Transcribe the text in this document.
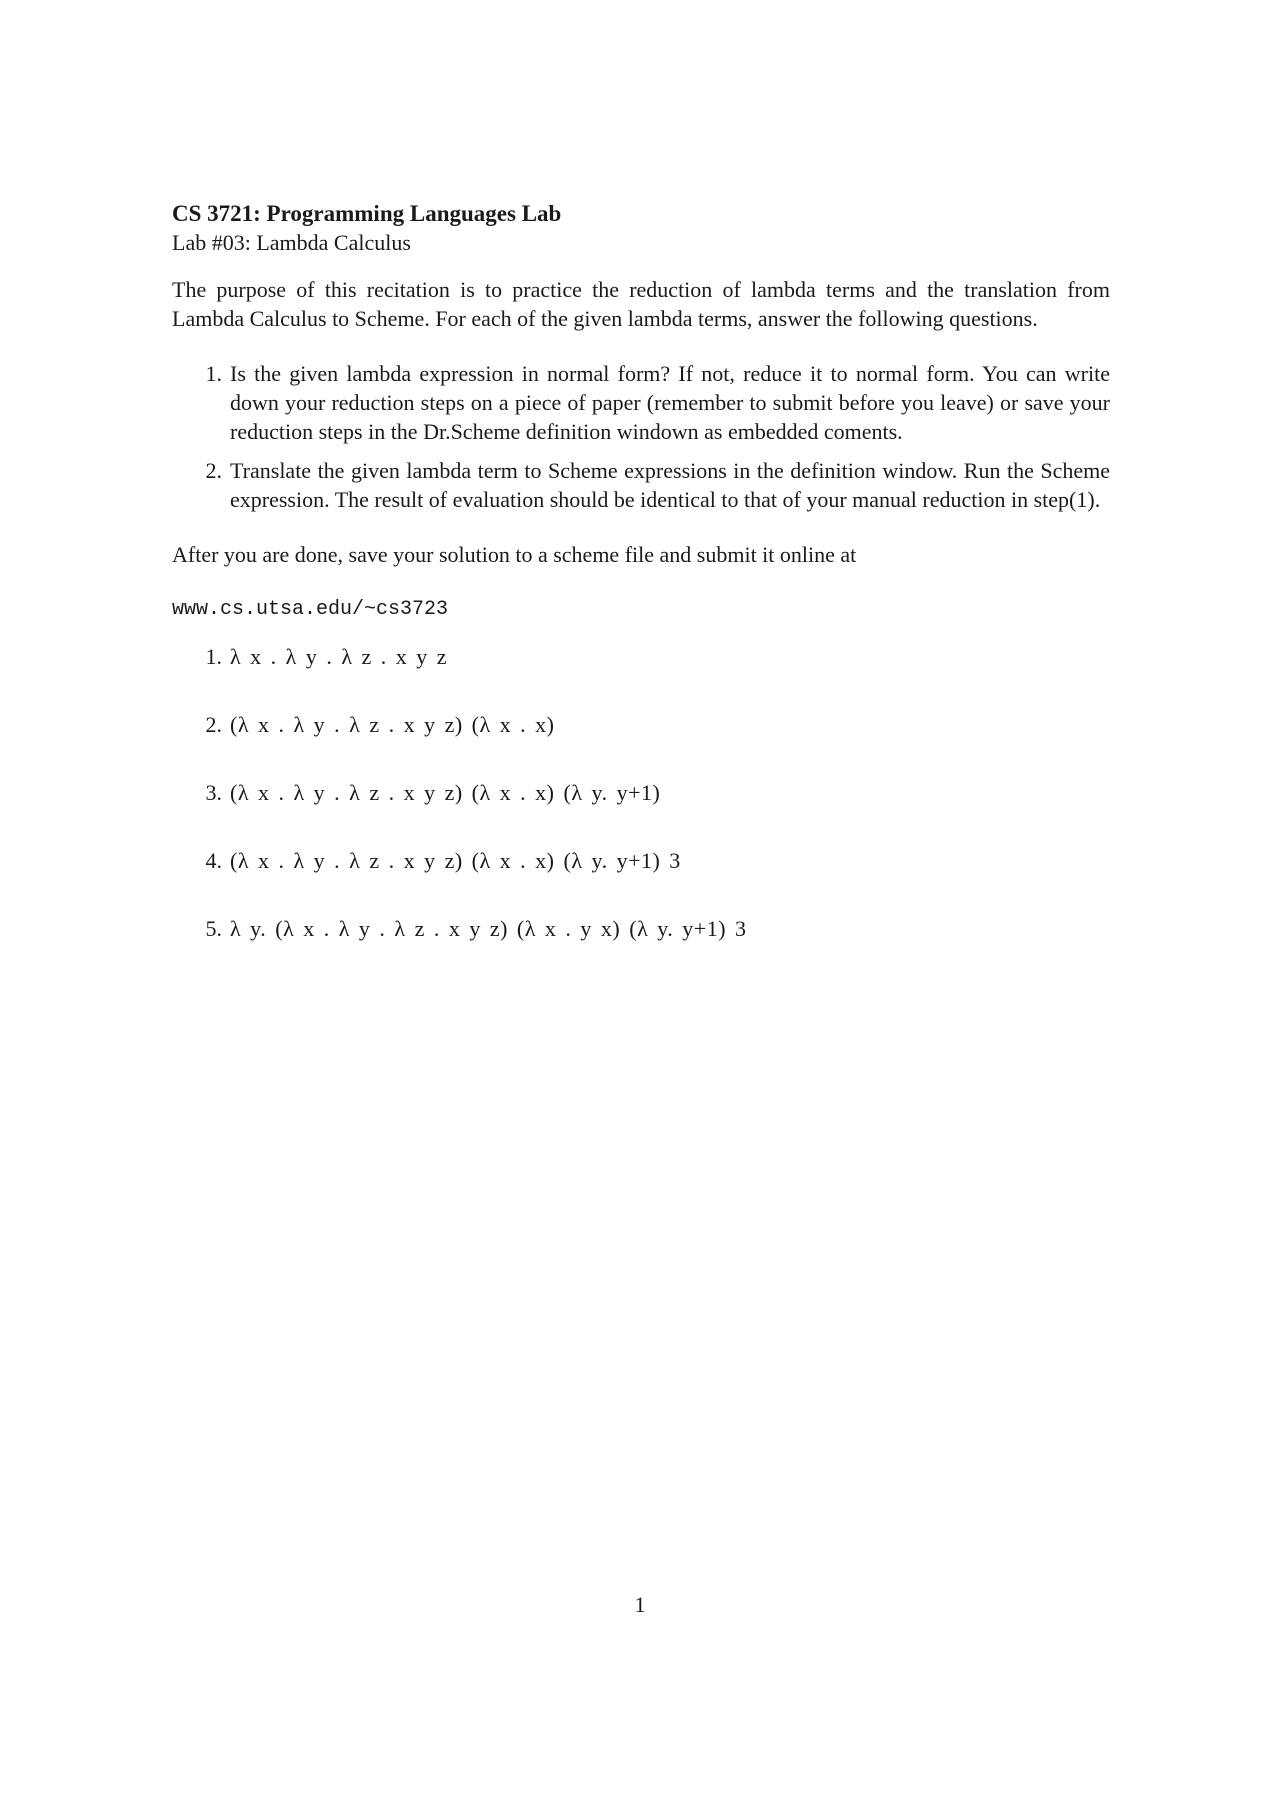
CS 3721: Programming Languages Lab

Lab #03: Lambda Calculus

The purpose of this recitation is to practice the reduction of lambda terms and the translation from Lambda Calculus to Scheme. For each of the given lambda terms, answer the following questions.

1. Is the given lambda expression in normal form? If not, reduce it to normal form. You can write down your reduction steps on a piece of paper (remember to submit before you leave) or save your reduction steps in the Dr.Scheme definition windown as embedded coments.
2. Translate the given lambda term to Scheme expressions in the definition window. Run the Scheme expression. The result of evaluation should be identical to that of your manual reduction in step(1).

After you are done, save your solution to a scheme file and submit it online at

www.cs.utsa.edu/~cs3723

1. λ x . λ y . λ z . x y z
2. (λ x . λ y . λ z . x y z) (λ x . x)
3. (λ x . λ y . λ z . x y z) (λ x . x) (λ y. y+1)
4. (λ x . λ y . λ z . x y z) (λ x . x) (λ y. y+1) 3
5. λ y. (λ x . λ y . λ z . x y z) (λ x . y x) (λ y. y+1) 3
1
